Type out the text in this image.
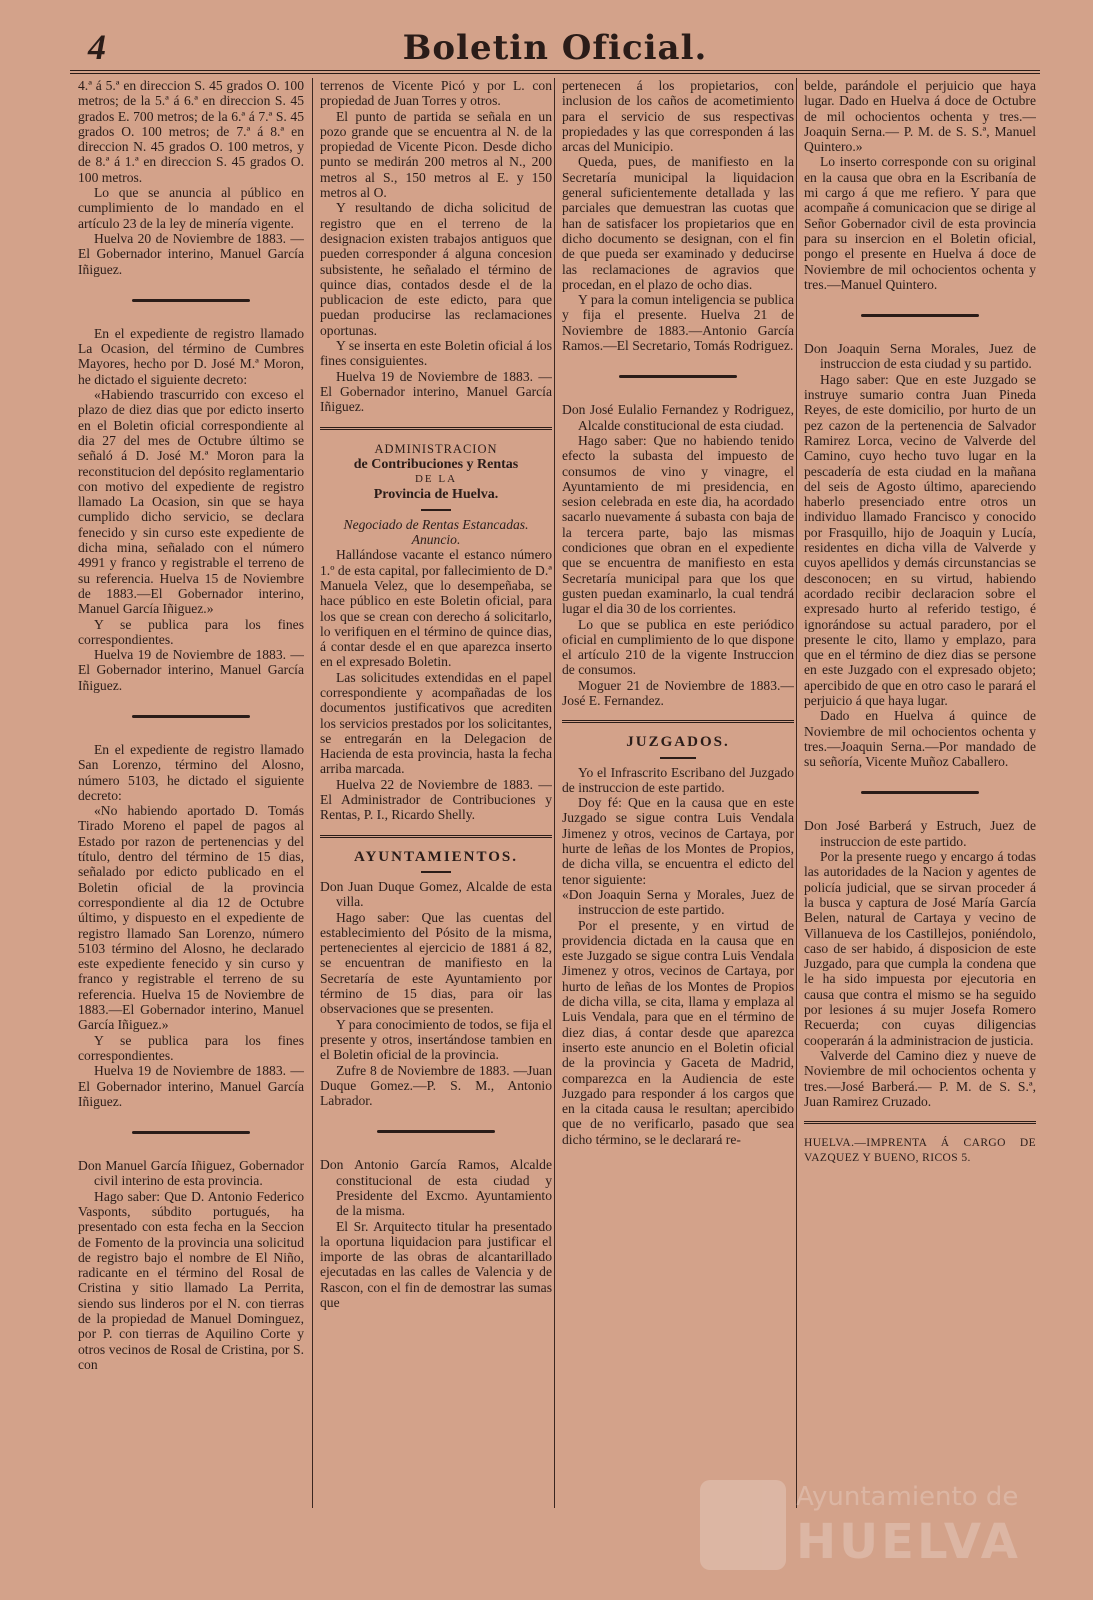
4	Boletin Oficial.

4.ª á 5.ª en direccion S. 45 grados O. 100 metros; de la 5.ª á 6.ª en direccion S. 45 grados E. 700 metros; de la 6.ª á 7.ª S. 45 grados O. 100 metros; de 7.ª á 8.ª en direccion N. 45 grados O. 100 metros, y de 8.ª á 1.ª en direccion S. 45 grados O. 100 metros.

Lo que se anuncia al público en cumplimiento de lo mandado en el artículo 23 de la ley de minería vigente.

Huelva 20 de Noviembre de 1883. —El Gobernador interino, Manuel García Iñiguez.

En el expediente de registro llamado La Ocasion, del término de Cumbres Mayores, hecho por D. José M.ª Moron, he dictado el siguiente decreto:

«Habiendo trascurrido con exceso el plazo de diez dias que por edicto inserto en el Boletin oficial correspondiente al dia 27 del mes de Octubre último se señaló á D. José M.ª Moron para la reconstitucion del depósito reglamentario con motivo del expediente de registro llamado La Ocasion, sin que se haya cumplido dicho servicio, se declara fenecido y sin curso este expediente de dicha mina, señalado con el número 4991 y franco y registrable el terreno de su referencia. Huelva 15 de Noviembre de 1883.—El Gobernador interino, Manuel García Iñiguez.»

Y se publica para los fines correspondientes.

Huelva 19 de Noviembre de 1883. —El Gobernador interino, Manuel García Iñiguez.

En el expediente de registro llamado San Lorenzo, término del Alosno, número 5103, he dictado el siguiente decreto:

«No habiendo aportado D. Tomás Tirado Moreno el papel de pagos al Estado por razon de pertenencias y del título, dentro del término de 15 dias, señalado por edicto publicado en el Boletin oficial de la provincia correspondiente al dia 12 de Octubre último, y dispuesto en el expediente de registro llamado San Lorenzo, número 5103 término del Alosno, he declarado este expediente fenecido y sin curso y franco y registrable el terreno de su referencia. Huelva 15 de Noviembre de 1883.—El Gobernador interino, Manuel García Iñiguez.»

Y se publica para los fines correspondientes.

Huelva 19 de Noviembre de 1883. —El Gobernador interino, Manuel García Iñiguez.

Don Manuel García Iñiguez, Gobernador civil interino de esta provincia.

Hago saber: Que D. Antonio Federico Vasponts, súbdito portugués, ha presentado con esta fecha en la Seccion de Fomento de la provincia una solicitud de registro bajo el nombre de El Niño, radicante en el término del Rosal de Cristina y sitio llamado La Perrita, siendo sus linderos por el N. con tierras de la propiedad de Manuel Dominguez, por P. con tierras de Aquilino Corte y otros vecinos de Rosal de Cristina, por S. con

terrenos de Vicente Picó y por L. con propiedad de Juan Torres y otros.

El punto de partida se señala en un pozo grande que se encuentra al N. de la propiedad de Vicente Picon. Desde dicho punto se medirán 200 metros al N., 200 metros al S., 150 metros al E. y 150 metros al O.

Y resultando de dicha solicitud de registro que en el terreno de la designacion existen trabajos antiguos que pueden corresponder á alguna concesion subsistente, he señalado el término de quince dias, contados desde el de la publicacion de este edicto, para que puedan producirse las reclamaciones oportunas.

Y se inserta en este Boletin oficial á los fines consiguientes.

Huelva 19 de Noviembre de 1883. —El Gobernador interino, Manuel García Iñiguez.

ADMINISTRACION

de Contribuciones y Rentas

DE LA

Provincia de Huelva.

Negociado de Rentas Estancadas.

Anuncio.

Hallándose vacante el estanco número 1.º de esta capital, por fallecimiento de D.ª Manuela Velez, que lo desempeñaba, se hace público en este Boletin oficial, para los que se crean con derecho á solicitarlo, lo verifiquen en el término de quince dias, á contar desde el en que aparezca inserto en el expresado Boletin.

Las solicitudes extendidas en el papel correspondiente y acompañadas de los documentos justificativos que acrediten los servicios prestados por los solicitantes, se entregarán en la Delegacion de Hacienda de esta provincia, hasta la fecha arriba marcada.

Huelva 22 de Noviembre de 1883. —El Administrador de Contribuciones y Rentas, P. I., Ricardo Shelly.

AYUNTAMIENTOS.

Don Juan Duque Gomez, Alcalde de esta villa.

Hago saber: Que las cuentas del establecimiento del Pósito de la misma, pertenecientes al ejercicio de 1881 á 82, se encuentran de manifiesto en la Secretaría de este Ayuntamiento por término de 15 dias, para oir las observaciones que se presenten.

Y para conocimiento de todos, se fija el presente y otros, insertándose tambien en el Boletin oficial de la provincia.

Zufre 8 de Noviembre de 1883. —Juan Duque Gomez.—P. S. M., Antonio Labrador.

Don Antonio García Ramos, Alcalde constitucional de esta ciudad y Presidente del Excmo. Ayuntamiento de la misma.

El Sr. Arquitecto titular ha presentado la oportuna liquidacion para justificar el importe de las obras de alcantarillado ejecutadas en las calles de Valencia y de Rascon, con el fin de demostrar las sumas que

pertenecen á los propietarios, con inclusion de los caños de acometimiento para el servicio de sus respectivas propiedades y las que corresponden á las arcas del Municipio.

Queda, pues, de manifiesto en la Secretaría municipal la liquidacion general suficientemente detallada y las parciales que demuestran las cuotas que han de satisfacer los propietarios que en dicho documento se designan, con el fin de que pueda ser examinado y deducirse las reclamaciones de agravios que procedan, en el plazo de ocho dias.

Y para la comun inteligencia se publica y fija el presente. Huelva 21 de Noviembre de 1883.—Antonio García Ramos.—El Secretario, Tomás Rodriguez.

Don José Eulalio Fernandez y Rodriguez, Alcalde constitucional de esta ciudad.

Hago saber: Que no habiendo tenido efecto la subasta del impuesto de consumos de vino y vinagre, el Ayuntamiento de mi presidencia, en sesion celebrada en este dia, ha acordado sacarlo nuevamente á subasta con baja de la tercera parte, bajo las mismas condiciones que obran en el expediente que se encuentra de manifiesto en esta Secretaría municipal para que los que gusten puedan examinarlo, la cual tendrá lugar el dia 30 de los corrientes.

Lo que se publica en este periódico oficial en cumplimiento de lo que dispone el artículo 210 de la vigente Instruccion de consumos.

Moguer 21 de Noviembre de 1883.—José E. Fernandez.

JUZGADOS.

Yo el Infrascrito Escribano del Juzgado de instruccion de este partido.

Doy fé: Que en la causa que en este Juzgado se sigue contra Luis Vendala Jimenez y otros, vecinos de Cartaya, por hurte de leñas de los Montes de Propios, de dicha villa, se encuentra el edicto del tenor siguiente:

«Don Joaquin Serna y Morales, Juez de instruccion de este partido.

Por el presente, y en virtud de providencia dictada en la causa que en este Juzgado se sigue contra Luis Vendala Jimenez y otros, vecinos de Cartaya, por hurto de leñas de los Montes de Propios de dicha villa, se cita, llama y emplaza al Luis Vendala, para que en el término de diez dias, á contar desde que aparezca inserto este anuncio en el Boletin oficial de la provincia y Gaceta de Madrid, comparezca en la Audiencia de este Juzgado para responder á los cargos que en la citada causa le resultan; apercibido que de no verificarlo, pasado que sea dicho término, se le declarará re-

belde, parándole el perjuicio que haya lugar. Dado en Huelva á doce de Octubre de mil ochocientos ochenta y tres.—Joaquin Serna.— P. M. de S. S.ª, Manuel Quintero.»

Lo inserto corresponde con su original en la causa que obra en la Escribanía de mi cargo á que me refiero. Y para que acompañe á comunicacion que se dirige al Señor Gobernador civil de esta provincia para su insercion en el Boletin oficial, pongo el presente en Huelva á doce de Noviembre de mil ochocientos ochenta y tres.—Manuel Quintero.

Don Joaquin Serna Morales, Juez de instruccion de esta ciudad y su partido.

Hago saber: Que en este Juzgado se instruye sumario contra Juan Pineda Reyes, de este domicilio, por hurto de un pez cazon de la pertenencia de Salvador Ramirez Lorca, vecino de Valverde del Camino, cuyo hecho tuvo lugar en la pescadería de esta ciudad en la mañana del seis de Agosto último, apareciendo haberlo presenciado entre otros un individuo llamado Francisco y conocido por Frasquillo, hijo de Joaquin y Lucía, residentes en dicha villa de Valverde y cuyos apellidos y demás circunstancias se desconocen; en su virtud, habiendo acordado recibir declaracion sobre el expresado hurto al referido testigo, é ignorándose su actual paradero, por el presente le cito, llamo y emplazo, para que en el término de diez dias se persone en este Juzgado con el expresado objeto; apercibido de que en otro caso le parará el perjuicio á que haya lugar.

Dado en Huelva á quince de Noviembre de mil ochocientos ochenta y tres.—Joaquin Serna.—Por mandado de su señoría, Vicente Muñoz Caballero.

Don José Barberá y Estruch, Juez de instruccion de este partido.

Por la presente ruego y encargo á todas las autoridades de la Nacion y agentes de policía judicial, que se sirvan proceder á la busca y captura de José María García Belen, natural de Cartaya y vecino de Villanueva de los Castillejos, poniéndolo, caso de ser habido, á disposicion de este Juzgado, para que cumpla la condena que le ha sido impuesta por ejecutoria en causa que contra el mismo se ha seguido por lesiones á su mujer Josefa Romero Recuerda; con cuyas diligencias cooperarán á la administracion de justicia.

Valverde del Camino diez y nueve de Noviembre de mil ochocientos ochenta y tres.—José Barberá.— P. M. de S. S.ª, Juan Ramirez Cruzado.

HUELVA.—IMPRENTA Á CARGO DE VAZQUEZ Y BUENO, RICOS 5.

Ayuntamiento de
HUELVA
